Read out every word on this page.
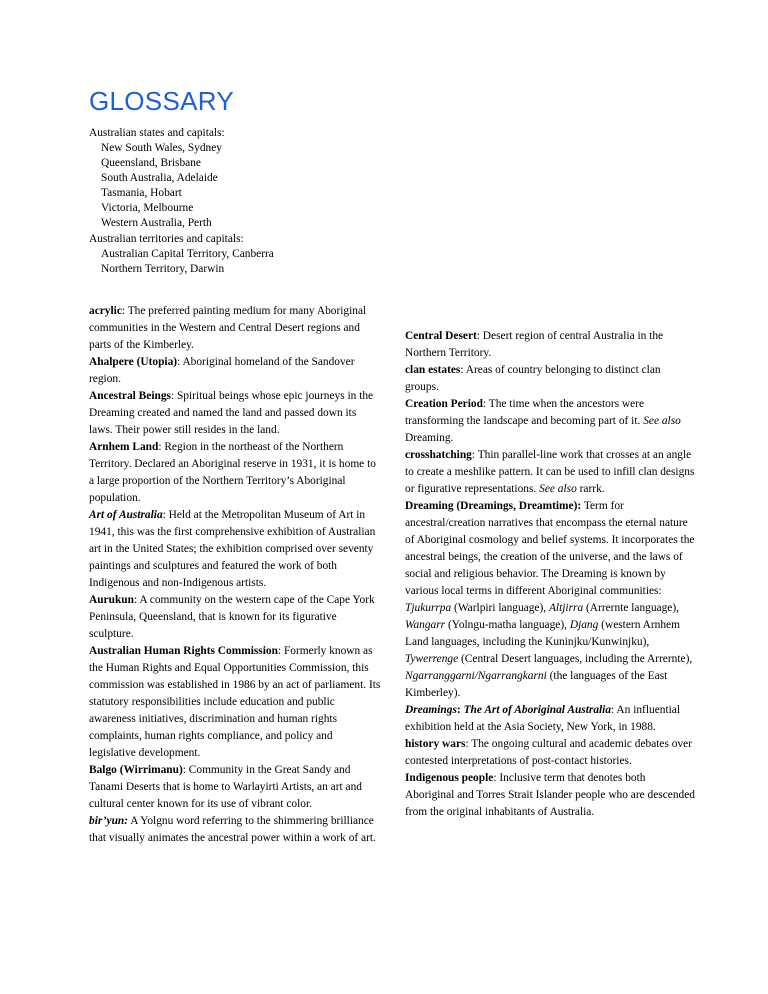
GLOSSARY
Australian states and capitals:
New South Wales, Sydney
Queensland, Brisbane
South Australia, Adelaide
Tasmania, Hobart
Victoria, Melbourne
Western Australia, Perth
Australian territories and capitals:
Australian Capital Territory, Canberra
Northern Territory, Darwin

acrylic: The preferred painting medium for many Aboriginal communities in the Western and Central Desert regions and parts of the Kimberley.

Ahalpere (Utopia): Aboriginal homeland of the Sandover region.

Ancestral Beings: Spiritual beings whose epic journeys in the Dreaming created and named the land and passed down its laws. Their power still resides in the land.

Arnhem Land: Region in the northeast of the Northern Territory. Declared an Aboriginal reserve in 1931, it is home to a large proportion of the Northern Territory’s Aboriginal population.

Art of Australia: Held at the Metropolitan Museum of Art in 1941, this was the first comprehensive exhibition of Australian art in the United States; the exhibition comprised over seventy paintings and sculptures and featured the work of both Indigenous and non-Indigenous artists.

Aurukun: A community on the western cape of the Cape York Peninsula, Queensland, that is known for its figurative sculpture.

Australian Human Rights Commission: Formerly known as the Human Rights and Equal Opportunities Commission, this commission was established in 1986 by an act of parliament. Its statutory responsibilities include education and public awareness initiatives, discrimination and human rights complaints, human rights compliance, and policy and legislative development.

Balgo (Wirrimanu): Community in the Great Sandy and Tanami Deserts that is home to Warlayirti Artists, an art and cultural center known for its use of vibrant color.

bir’yun: A Yolgnu word referring to the shimmering brilliance that visually animates the ancestral power within a work of art.

Central Desert: Desert region of central Australia in the Northern Territory.

clan estates: Areas of country belonging to distinct clan groups.

Creation Period: The time when the ancestors were transforming the landscape and becoming part of it. See also Dreaming.

crosshatching: Thin parallel-line work that crosses at an angle to create a meshlike pattern. It can be used to infill clan designs or figurative representations. See also rarrk.

Dreaming (Dreamings, Dreamtime): Term for ancestral/creation narratives that encompass the eternal nature of Aboriginal cosmology and belief systems. It incorporates the ancestral beings, the creation of the universe, and the laws of social and religious behavior. The Dreaming is known by various local terms in different Aboriginal communities: Tjukurrpa (Warlpiri language), Altjirra (Arrernte language), Wangarr (Yolngu-matha language), Djang (western Arnhem Land languages, including the Kuninjku/Kunwinjku), Tywerrenge (Central Desert languages, including the Arrernte), Ngarranggarni/Ngarrangkarni (the languages of the East Kimberley).

Dreamings: The Art of Aboriginal Australia: An influential exhibition held at the Asia Society, New York, in 1988.

history wars: The ongoing cultural and academic debates over contested interpretations of post-contact histories.

Indigenous people: Inclusive term that denotes both Aboriginal and Torres Strait Islander people who are descended from the original inhabitants of Australia.
